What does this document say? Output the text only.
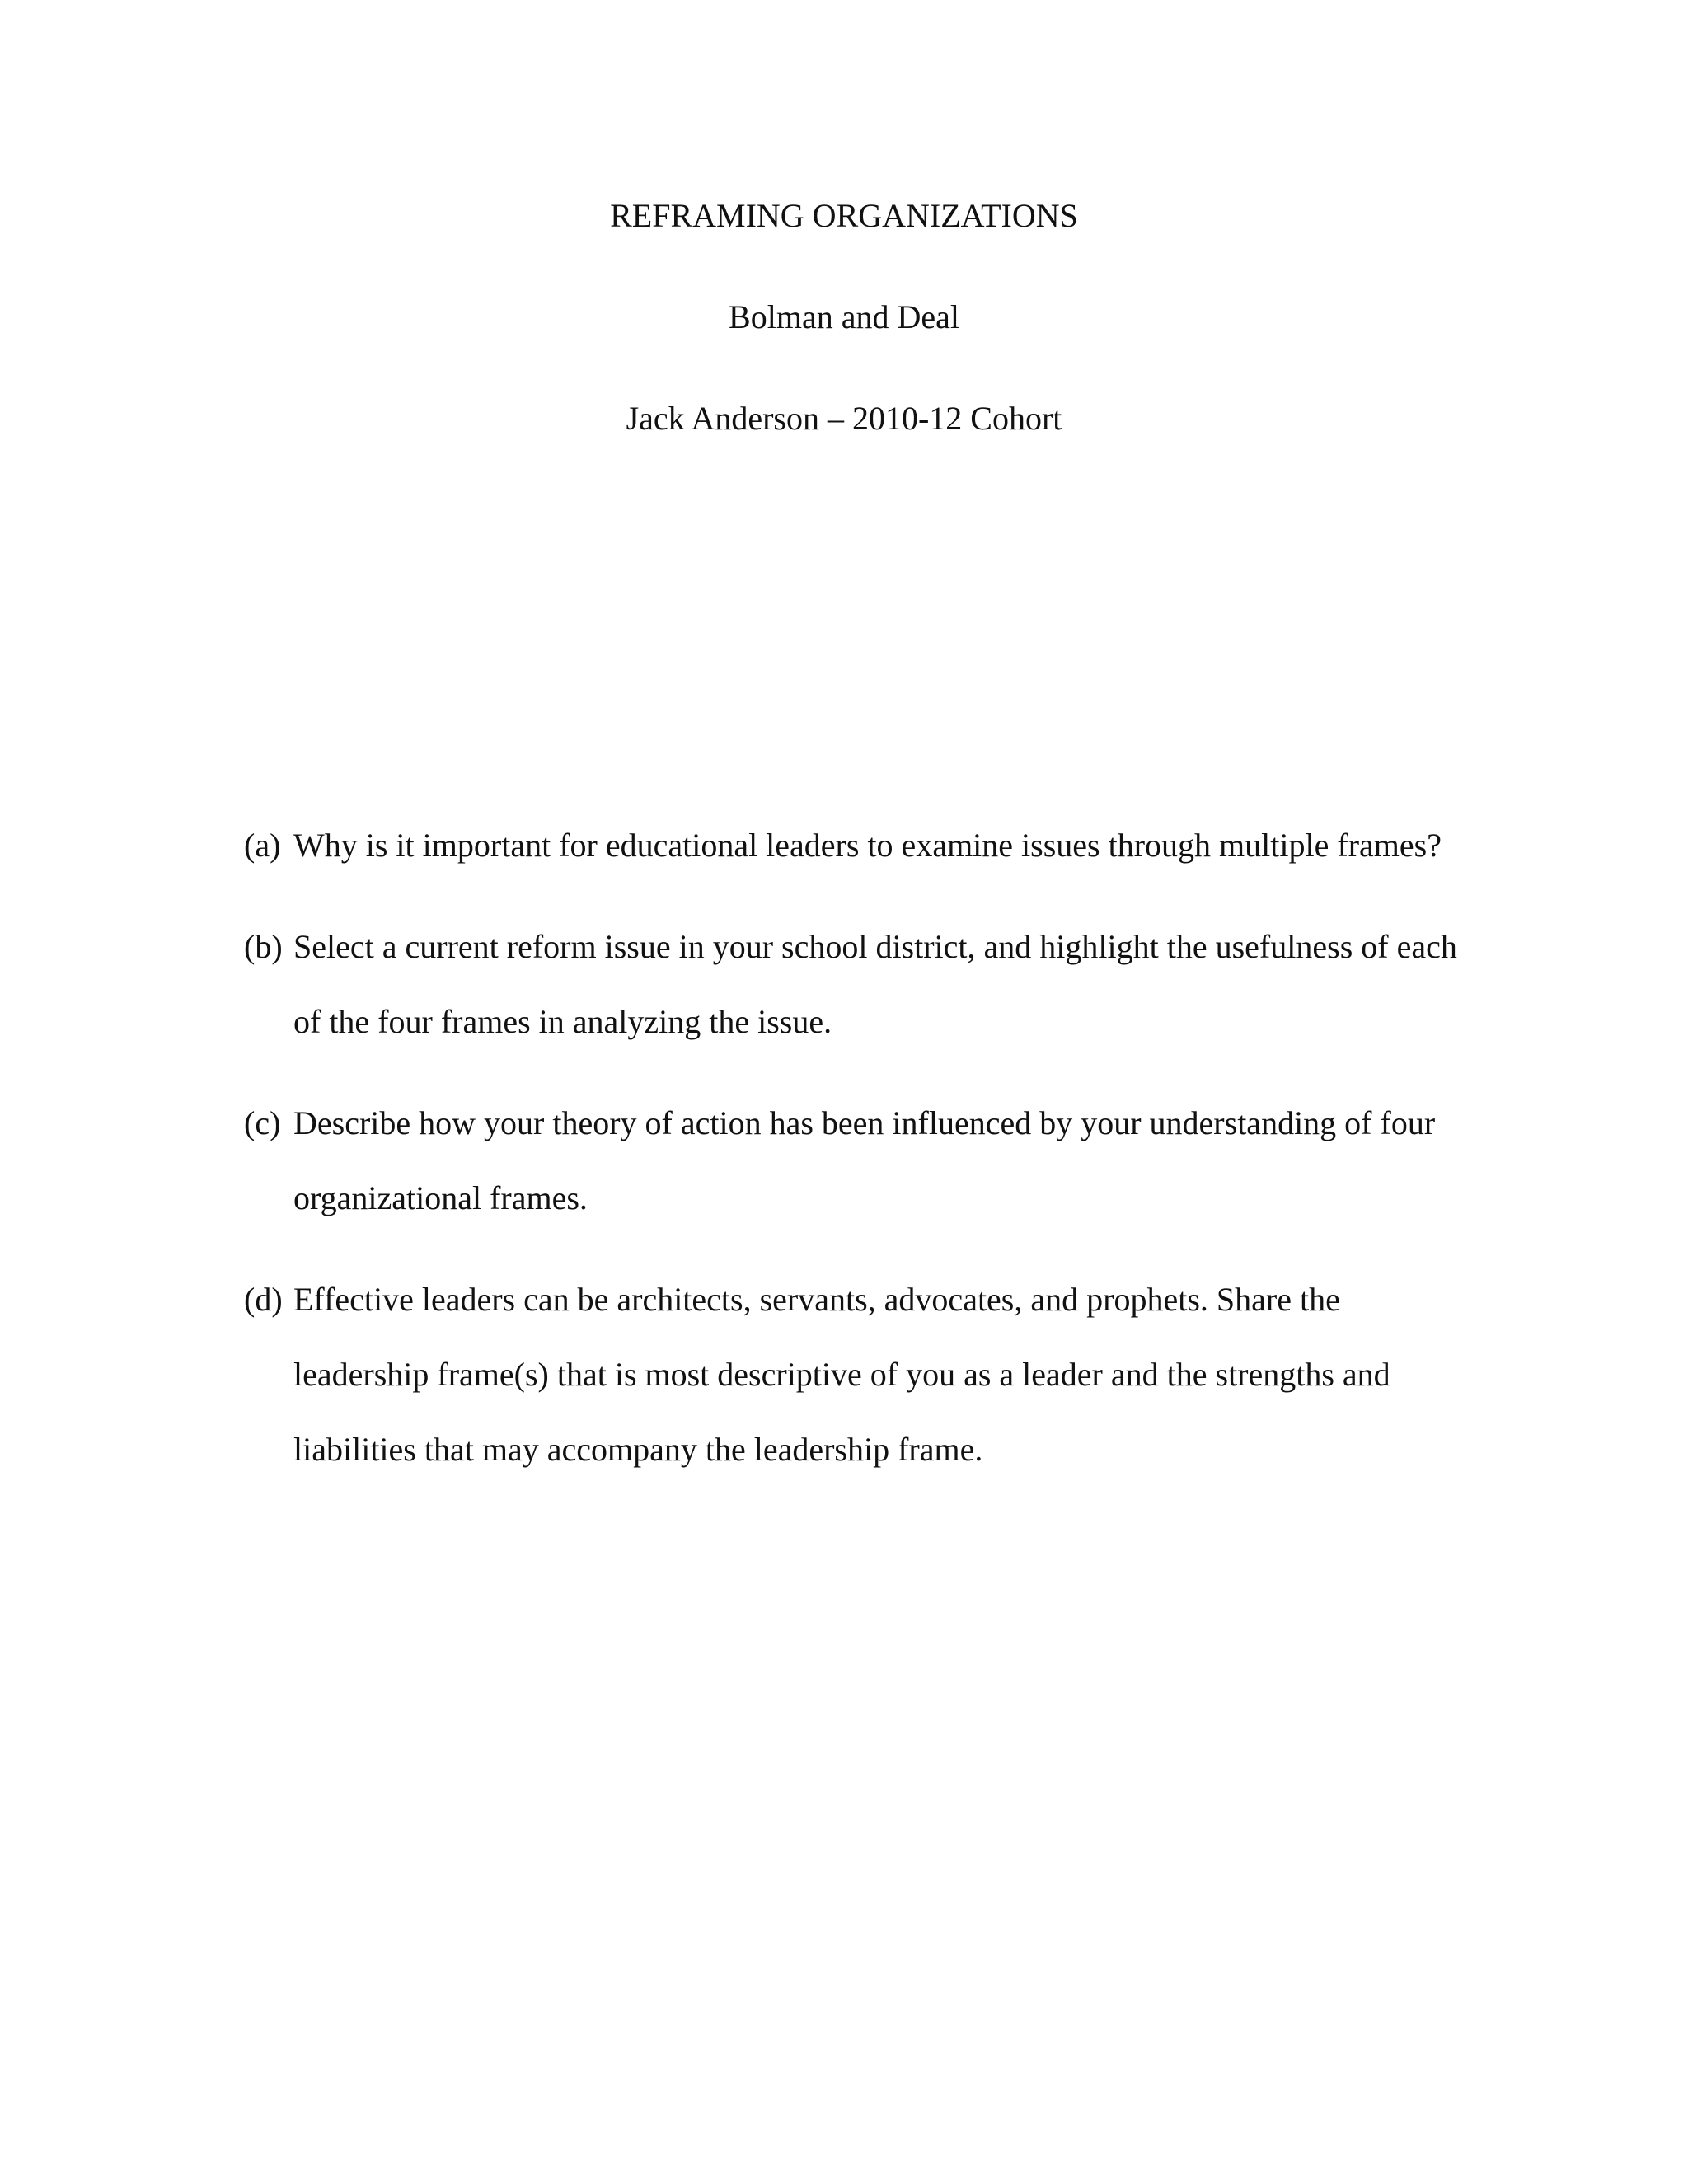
REFRAMING ORGANIZATIONS
Bolman and Deal
Jack Anderson – 2010-12 Cohort
(a) Why is it important for educational leaders to examine issues through multiple frames?
(b) Select a current reform issue in your school district, and highlight the usefulness of each
of the four frames in analyzing the issue.
(c) Describe how your theory of action has been influenced by your understanding of four
organizational frames.
(d) Effective leaders can be architects, servants, advocates, and prophets. Share the
leadership frame(s) that is most descriptive of you as a leader and the strengths and
liabilities that may accompany the leadership frame.
